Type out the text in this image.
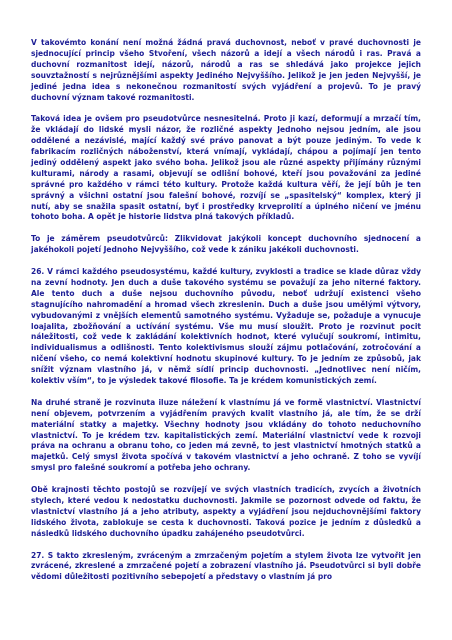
V takovémto konání není možná žádná pravá duchovnost, neboť v pravé duchovnosti je sjednocující princip všeho Stvoření, všech názorů a idejí a všech národů i ras. Pravá a duchovní rozmanitost idejí, názorů, národů a ras se shledává jako projekce jejich souvztažností s nejrůznějšími aspekty Jediného Nejvyššího. Jelikož je jen jeden Nejvyšší, je jediné jedna idea s nekonečnou rozmanitostí svých vyjádření a projevů. To je pravý duchovní význam takové rozmanitosti.

Taková idea je ovšem pro pseudotvůrce nesnesitelná. Proto ji kazí, deformují a mrzačí tím, že vkládají do lidské mysli názor, že rozličné aspekty Jednoho nejsou jedním, ale jsou oddělené a nezávislé, mající každý své právo panovat a být pouze jediným. To vede k fabrikacím rozličných náboženství, která vnímají, vykládají, chápou a pojímají jen tento jediný oddělený aspekt jako svého boha. Jelikož jsou ale různé aspekty přijímány různými kulturami, národy a rasami, objevují se odlišní bohové, kteří jsou považováni za jediné správné pro každého v rámci této kultury. Protože každá kultura věří, že její bůh je ten správný a všichni ostatní jsou falešní bohové, rozvíjí se „spasitelský“ komplex, který ji nutí, aby se snažila spasit ostatní, byť i prostředky krveprolití a úplného ničení ve jménu tohoto boha. A opět je historie lidstva plná takových příkladů.

To je záměrem pseudotvůrců: Zlikvidovat jakýkoli koncept duchovního sjednocení a jakéhokoli pojetí Jednoho Nejvyššího, což vede k zániku jakékoli duchovnosti.

26. V rámci každého pseudosystému, každé kultury, zvyklosti a tradice se klade důraz vždy na zevní hodnoty. Jen duch a duše takového systému se považují za jeho niterné faktory. Ale tento duch a duše nejsou duchovního původu, neboť udržují existenci všeho stagnujícího nahromadění a hromad všech zkreslenin. Duch a duše jsou umělými výtvory, vybudovanými z vnějších elementů samotného systému. Vyžaduje se, požaduje a vynucuje loajalita, zbožňování a uctívání systému. Vše mu musí sloužit. Proto je rozvinut pocit náležitosti, což vede k zakládání kolektivních hodnot, které vylučují soukromí, intimitu, individualismus a odlišnosti. Tento kolektivismus slouží zájmu potlačování, zotročování a ničení všeho, co nemá kolektivní hodnotu skupinové kultury. To je jedním ze způsobů, jak snížit význam vlastního já, v němž sídlí princip duchovnosti. „Jednotlivec není ničím, kolektiv vším“, to je výsledek takové filosofie. Ta je krédem komunistických zemí.

Na druhé straně je rozvinuta iluze náležení k vlastnímu já ve formě vlastnictví. Vlastnictví není objevem, potvrzením a vyjádřením pravých kvalit vlastního já, ale tím, že se drží materiální statky a majetky. Všechny hodnoty jsou vkládány do tohoto neduchovního vlastnictví. To je krédem tzv. kapitalistických zemí. Materiální vlastnictví vede k rozvoji práva na ochranu a obranu toho, co jeden má zevně, to jest vlastnictví hmotných statků a majetků. Celý smysl života spočívá v takovém vlastnictví a jeho ochraně. Z toho se vyvíjí smysl pro falešné soukromí a potřeba jeho ochrany.

Obě krajnosti těchto postojů se rozvíjejí ve svých vlastních tradicích, zvycích a životních stylech, které vedou k nedostatku duchovnosti. Jakmile se pozornost odvede od faktu, že vlastnictví vlastního já a jeho atributy, aspekty a vyjádření jsou nejduchovnějšími faktory lidského života, zablokuje se cesta k duchovnosti. Taková pozice je jedním z důsledků a následků lidského duchovního úpadku zahájeného pseudotvůrci.

27. S takto zkresleným, zvráceným a zmrzačeným pojetím a stylem života lze vytvořit jen zvrácené, zkreslené a zmrzačené pojetí a zobrazení vlastního já. Pseudotvůrci si byli dobře vědomi důležitosti pozitivního sebepojetí a představy o vlastním já pro
